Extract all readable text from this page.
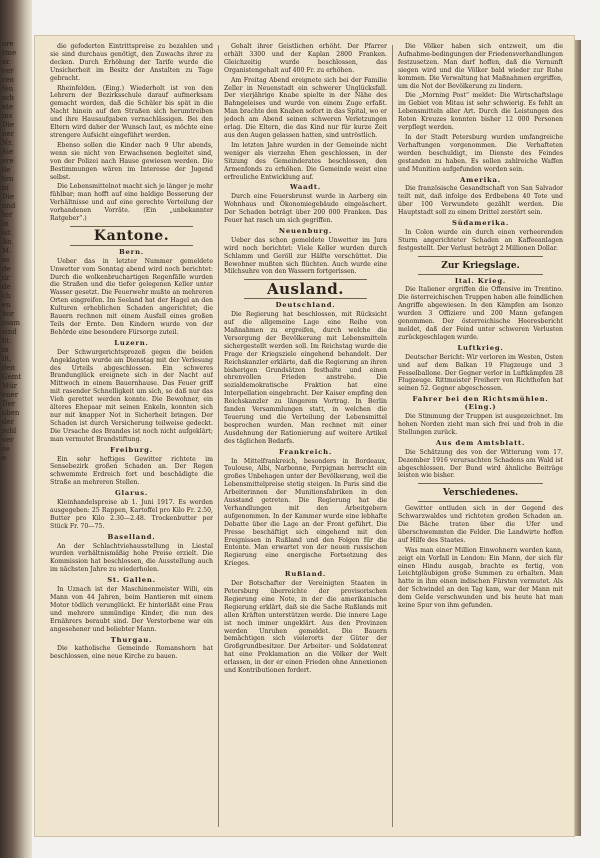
ore
rme
ar.
ver
ren
fen
sch
ete
ins
Die
ner
Nr.
Sie
ere
lle
ten
ni
Die
und
ter
in
ist
An
M.
as
de
dr
de
ch
en
bor
ssam
sind
ht.
m
ilt,
den
Gemt
Mür
ener
Der
oben
der
schl
ver
se
e

die gefoderten Eintrittspreise zu bezahlen und sie sind durchaus genötigt, den Zuwachs ihrer zu decken. Durch Erhöhung der Tarife wurde die Unsicherheit im Besitz der Anstalten zu Tage gebracht.

Rheinfelden. (Eing.) Wiederholt ist von den Lehrern der Bezirksschule darauf aufmerksam gemacht worden, daß die Schüler bis spät in die Nacht hinein auf den Straßen sich herumtreiben und ihre Hausaufgaben vernachlässigen. Bei den Eltern wird daher der Wunsch laut, es möchte eine strengere Aufsicht eingeführt werden.

Ebenso sollen die Kinder nach 9 Uhr abends, wenn sie nicht von Erwachsenen begleitet sind, von der Polizei nach Hause gewiesen werden. Die Bestimmungen wären im Interesse der Jugend selbst.

Die Lebensmittelnot macht sich je länger je mehr fühlbar; man hofft auf eine baldige Besserung der Verhältnisse und auf eine gerechte Verteilung der vorhandenen Vorräte. (Ein „unbekannter Ratgeber“.)

Kantone.
Bern.

Ueber das in letzter Nummer gemeldete Unwetter vom Sonntag abend wird noch berichtet: Durch die wolkenbruchartigen Regenfälle wurden die Straßen und die tiefer gelegenen Keller unter Wasser gesetzt. Die Feuerwehr mußte an mehreren Orten eingreifen. Im Seeland hat der Hagel an den Kulturen erheblichen Schaden angerichtet; die Bauern rechnen mit einem Ausfall eines großen Teils der Ernte. Den Kindern wurde von der Behörde eine besondere Fürsorge zuteil.

Luzern.

Der Schwurgerichtsprozeß gegen die beiden Angeklagten wurde am Dienstag mit der Verlesung des Urteils abgeschlossen. Ein schweres Brandunglück ereignete sich in der Nacht auf Mittwoch in einem Bauernhause. Das Feuer griff mit rasender Schnelligkeit um sich, so daß nur das Vieh gerettet werden konnte. Die Bewohner, ein älteres Ehepaar mit seinen Enkeln, konnten sich nur mit knapper Not in Sicherheit bringen. Der Schaden ist durch Versicherung teilweise gedeckt. Die Ursache des Brandes ist noch nicht aufgeklärt; man vermutet Brandstiftung.

Freiburg.

Ein sehr heftiges Gewitter richtete im Sensebezirk großen Schaden an. Der Regen schwemmte Erdreich fort und beschädigte die Straße an mehreren Stellen.

Glarus.

Kleinhandelspreise ab 1. Juni 1917. Es werden ausgegeben: 25 Rappen, Kartoffel pro Kilo Fr. 2.50, Butter pro Kilo 2.30—2.48. Trockenbutter per Stück Fr. 70—75.

Baselland.

An der Schlachtviehausstellung in Liestal wurden verhältnismäßig hohe Preise erzielt. Die Kommission hat beschlossen, die Ausstellung auch im nächsten Jahre zu wiederholen.

St. Gallen.

In Uznach ist der Maschinenmeister Willi, ein Mann von 44 Jahren, beim Hantieren mit einem Motor tödlich verunglückt. Er hinterläßt eine Frau und mehrere unmündige Kinder, die nun des Ernährers beraubt sind. Der Verstorbene war ein angesehener und beliebter Mann.

Thurgau.

Die katholische Gemeinde Romanshorn hat beschlossen, eine neue Kirche zu bauen.

Gehalt ihrer Geistlichen erhöht. Der Pfarrer erhält 3300 und der Kaplan 2800 Franken. Gleichzeitig wurde beschlossen, das Organistengehalt auf 400 Fr. zu erhöhen.

Am Freitag Abend ereignete sich bei der Familie Zeller in Neuenstadt ein schwerer Unglücksfall. Der vierjährige Knabe spielte in der Nähe des Bahngeleises und wurde von einem Zuge erfaßt. Man brachte den Knaben sofort in das Spital, wo er jedoch am Abend seinen schweren Verletzungen erlag. Die Eltern, die das Kind nur für kurze Zeit aus den Augen gelassen hatten, sind untröstlich.

Im letzten Jahre wurden in der Gemeinde nicht weniger als vierzehn Ehen geschlossen, in der Sitzung des Gemeinderates beschlossen, den Armenfonds zu erhöhen. Die Gemeinde weist eine erfreuliche Entwicklung auf.

Waadt.

Durch eine Feuersbrunst wurde in Aarberg ein Wohnhaus und Ökonomiegebäude eingeäschert. Der Schaden beträgt über 200 000 Franken. Das Feuer hat rasch um sich gegriffen.

Neuenburg.

Ueber das schon gemeldete Unwetter im Jura wird noch berichtet: Viele Keller wurden durch Schlamm und Geröll zur Hälfte verschüttet. Die Bewohner mußten sich flüchten. Auch wurde eine Milchsuhre von den Wassern fortgerissen.

Ausland.
Deutschland.

Die Regierung hat beschlossen, mit Rücksicht auf die allgemeine Lage eine Reihe von Maßnahmen zu ergreifen, durch welche die Versorgung der Bevölkerung mit Lebensmitteln sichergestellt werden soll. Im Reichstag wurde die Frage der Kriegsziele eingehend behandelt. Der Reichskanzler erklärte, daß die Regierung an ihren bisherigen Grundsätzen festhalte und einen ehrenvollen Frieden anstrebe. Die sozialdemokratische Fraktion hat eine Interpellation eingebracht. Der Kaiser empfing den Reichskanzler zu längerem Vortrag. In Berlin fanden Versammlungen statt, in welchen die Teuerung und die Verteilung der Lebensmittel besprochen wurden. Man rechnet mit einer Ausdehnung der Rationierung auf weitere Artikel des täglichen Bedarfs.

Frankreich.

In Mittelfrankreich, besonders in Bordeaux, Toulouse, Albi, Narbonne, Perpignan herrscht ein großes Unbehagen unter der Bevölkerung, weil die Lebensmittelpreise stetig steigen. In Paris sind die Arbeiterinnen der Munitionsfabriken in den Ausstand getreten. Die Regierung hat die Verhandlungen mit den Arbeitgebern aufgenommen. In der Kammer wurde eine lebhafte Debatte über die Lage an der Front geführt. Die Presse beschäftigt sich eingehend mit den Ereignissen in Rußland und den Folgen für die Entente. Man erwartet von der neuen russischen Regierung eine energische Fortsetzung des Krieges.

Rußland.

Der Botschafter der Vereinigten Staaten in Petersburg überreichte der provisorischen Regierung eine Note, in der die amerikanische Regierung erklärt, daß sie die Sache Rußlands mit allen Kräften unterstützen werde. Die innere Lage ist noch immer ungeklärt. Aus den Provinzen werden Unruhen gemeldet. Die Bauern bemächtigen sich vielerorts der Güter der Großgrundbesitzer. Der Arbeiter- und Soldatenrat hat eine Proklamation an die Völker der Welt erlassen, in der er einen Frieden ohne Annexionen und Kontributionen fordert.

Die Völker haben sich entzweit, um die Aufnahme-bedingungen der Friedensverhandlungen festzusetzen. Man darf hoffen, daß die Vernunft siegen wird und die Völker bald wieder zur Ruhe kommen. Die Verwaltung hat Maßnahmen ergriffen, um die Not der Bevölkerung zu lindern.

Die „Morning Post“ meldet: Die Wirtschaftslage im Gebiet von Mitau ist sehr schwierig. Es fehlt an Lebensmitteln aller Art. Durch die Leistungen des Roten Kreuzes konnten bisher 12 000 Personen verpflegt werden.

In der Stadt Petersburg wurden umfangreiche Verhaftungen vorgenommen. Die Verhafteten werden beschuldigt, im Dienste des Feindes gestanden zu haben. Es sollen zahlreiche Waffen und Munition aufgefunden worden sein.

Amerika.

Die französische Gesandtschaft von San Salvador teilt mit, daß infolge des Erdbebens 40 Tote und über 100 Verwundete gezählt werden. Die Hauptstadt soll zu einem Drittel zerstört sein.

Südamerika.

In Colon wurde ein durch einen verheerenden Sturm angerichteter Schaden an Kaffeeanlagen festgestellt. Der Verlust beträgt 2 Millionen Dollar.

Zur Kriegslage.
Ital. Krieg.

Die Italiener ergriffen die Offensive im Trentino. Die österreichischen Truppen haben alle feindlichen Angriffe abgewiesen. In den Kämpfen am Isonzo wurden 3 Offiziere und 200 Mann gefangen genommen. Der österreichische Heeresbericht meldet, daß der Feind unter schweren Verlusten zurückgeschlagen wurde.

Luftkrieg.

Deutscher Bericht: Wir verloren im Westen, Osten und auf dem Balkan 19 Flugzeuge und 3 Fesselballone. Der Gegner verlor in Luftkämpfen 28 Flugzeuge. Rittmeister Freiherr von Richthofen hat seinen 52. Gegner abgeschossen.

Fahrer bei den Richtsmühlen. (Eing.)

Die Stimmung der Truppen ist ausgezeichnet. Im hohen Norden zieht man sich frei und froh in die Stellungen zurück.

Aus dem Amtsblatt.

Die Schätzung des von der Witterung vom 17. Dezember 1916 verursachten Schadens am Wald ist abgeschlossen. Der Bund wird ähnliche Beiträge leisten wie bisher.

Verschiedenes.

Gewitter entluden sich in der Gegend des Schwarzwaldes und richteten großen Schaden an. Die Bäche traten über die Ufer und überschwemmten die Felder. Die Landwirte hoffen auf Hilfe des Staates.

Was man einer Million Einwohnern werden kann, zeigt ein Vorfall in London: Ein Mann, der sich für einen Hindu ausgab, brachte es fertig, von Leichtgläubigen große Summen zu erhalten. Man hatte in ihm einen indischen Fürsten vermutet. Als der Schwindel an den Tag kam, war der Mann mit dem Gelde verschwunden und bis heute hat man keine Spur von ihm gefunden.
